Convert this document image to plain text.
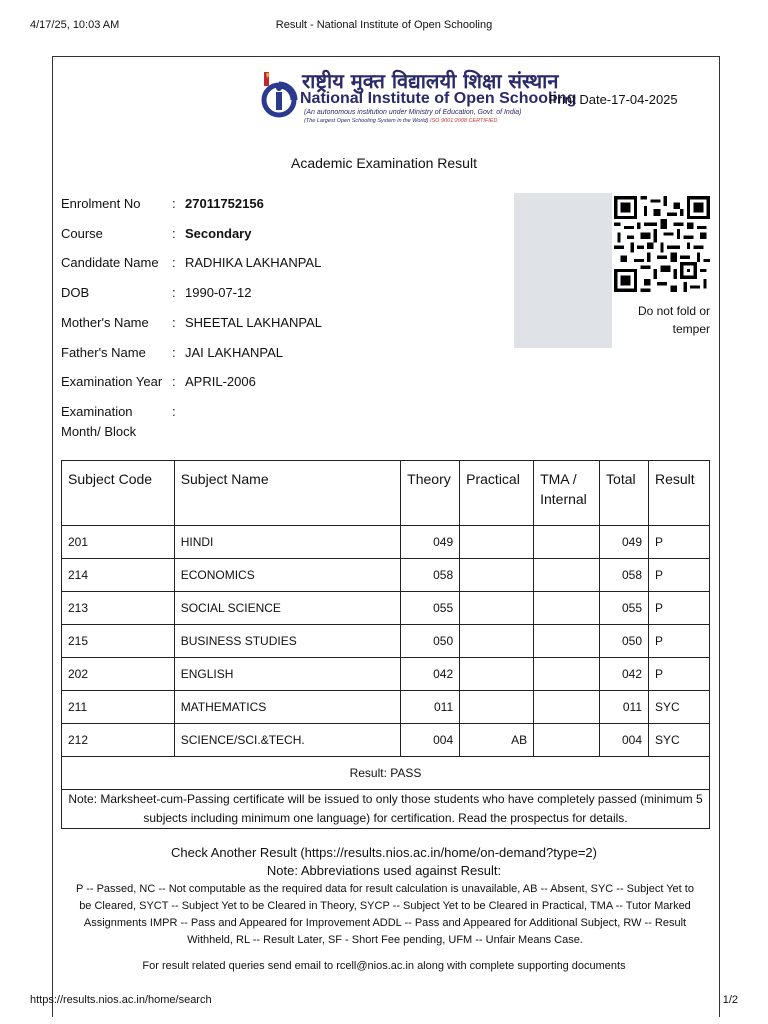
4/17/25, 10:03 AM	Result - National Institute of Open Schooling
राष्ट्रीय मुक्त विद्यालयी शिक्षा संस्थान
National Institute of Open Schooling
(An autonomous institution under Ministry of Education, Govt. of India)
(The Largest Open Schooling System in the World) ISO 9001:2008 CERTIFIED
Print Date-17-04-2025
Academic Examination Result
Enrolment No : 27011752156
Course	: Secondary
Candidate Name : RADHIKA LAKHANPAL
DOB	: 1990-07-12
Mother's Name : SHEETAL LAKHANPAL
Father's Name : JAI LAKHANPAL
Examination Year : APRIL-2006
Examination
Month/ Block
:
Do not fold or temper
Subject Code	Subject Name	Theory	Practical	TMA / Internal	Total	Result
201	HINDI	049			049	P
214	ECONOMICS	058			058	P
213	SOCIAL SCIENCE	055			055	P
215	BUSINESS STUDIES	050			050	P
202	ENGLISH	042			042	P
211	MATHEMATICS	011			011	SYC
212	SCIENCE/SCI.&TECH.	004	AB		004	SYC
Result: PASS						
Note: Marksheet-cum-Passing certificate will be issued to only those students who have completely passed (minimum 5 subjects including minimum one language) for certification. Read the prospectus for details.						
Check Another Result (https://results.nios.ac.in/home/on-demand?type=2)
Note: Abbreviations used against Result:
P -- Passed, NC -- Not computable as the required data for result calculation is unavailable, AB -- Absent, SYC -- Subject Yet to be Cleared, SYCT -- Subject Yet to be Cleared in Theory, SYCP -- Subject Yet to be Cleared in Practical, TMA -- Tutor Marked Assignments IMPR -- Pass and Appeared for Improvement ADDL -- Pass and Appeared for Additional Subject, RW -- Result Withheld, RL -- Result Later, SF - Short Fee pending, UFM -- Unfair Means Case.
For result related queries send email to rcell@nios.ac.in along with complete supporting documents
https://results.nios.ac.in/home/search	1/2
